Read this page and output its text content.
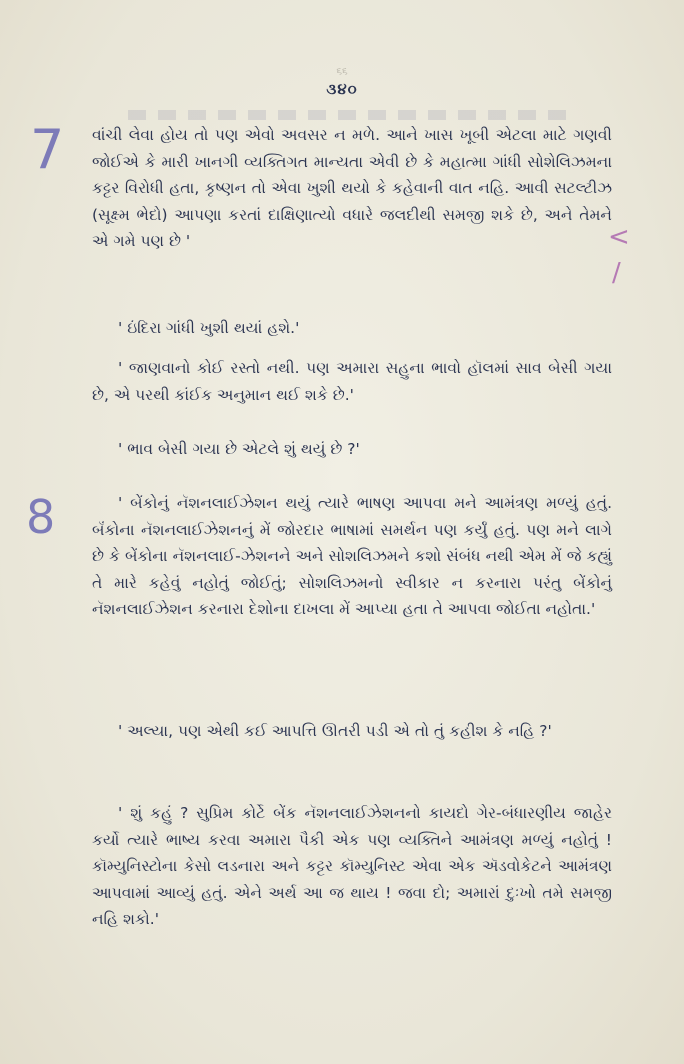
૬૬
૩૪૦
7
8
<
/

વાંચી લેવા હોય તો પણ એવો અવસર ન મળે. આને ખાસ ખૂબી એટલા માટે ગણવી જોઈએ કે મારી ખાનગી વ્યક્તિગત માન્યતા એવી છે કે મહાત્મા ગાંધી સોશેલિઝમના કટ્ટર વિરોધી હતા, કૃષ્ણન તો એવા ખુશી થયો કે કહેવાની વાત નહિ. આવી સટલ્ટીઝ (સૂક્ષ્મ ભેદો) આપણા કરતાં દાક્ષિણાત્યો વધારે જલદીથી સમજી શકે છે, અને તેમને એ ગમે પણ છે '

' ઇંદિરા ગાંધી ખુશી થયાં હશે.'

' જાણવાનો કોઈ રસ્તો નથી. પણ અમારા સહુના ભાવો હૉલમાં સાવ બેસી ગયા છે, એ પરથી કાંઈક અનુમાન થઈ શકે છે.'

' ભાવ બેસી ગયા છે એટલે શું થયું છે ?'

' બેંકોનું નૅશનલાઈઝેશન થયું ત્યારે ભાષણ આપવા મને આમંત્રણ મળ્યું હતું. બૅંકોના નૅશનલાઈઝેશનનું મેં જોરદાર ભાષામાં સમર્થન પણ કર્યું હતું. પણ મને લાગે છે કે બેંકોના નૅશનલાઈ-ઝેશનને અને સોશલિઝમને કશો સંબંધ નથી એમ મેં જે કહ્યું તે મારે કહેવું નહોતું જોઈતું; સોશલિઝમનો સ્વીકાર ન કરનારા પરંતુ બેંકોનું નૅશનલાઈઝેશન કરનારા દેશોના દાખલા મેં આપ્યા હતા તે આપવા જોઈતા નહોતા.'

' અલ્યા, પણ એથી કઈ આપત્તિ ઊતરી પડી એ તો તું કહીશ કે નહિ ?'

' શું કહું ? સુપ્રિમ કોર્ટે બેંક નૅશનલાઈઝેશનનો કાયદો ગેર-બંધારણીય જાહેર કર્યો ત્યારે ભાષ્ય કરવા અમારા પૈકી એક પણ વ્યક્તિને આમંત્રણ મળ્યું નહોતું ! કૉમ્યુનિસ્ટોના કેસો લડનારા અને કટ્ટર કૉમ્યુનિસ્ટ એવા એક ઍડવોકેટને આમંત્રણ આપવામાં આવ્યું હતું. એને અર્થ આ જ થાય ! જવા દો; અમારાં દુઃખો તમે સમજી નહિ શકો.'
